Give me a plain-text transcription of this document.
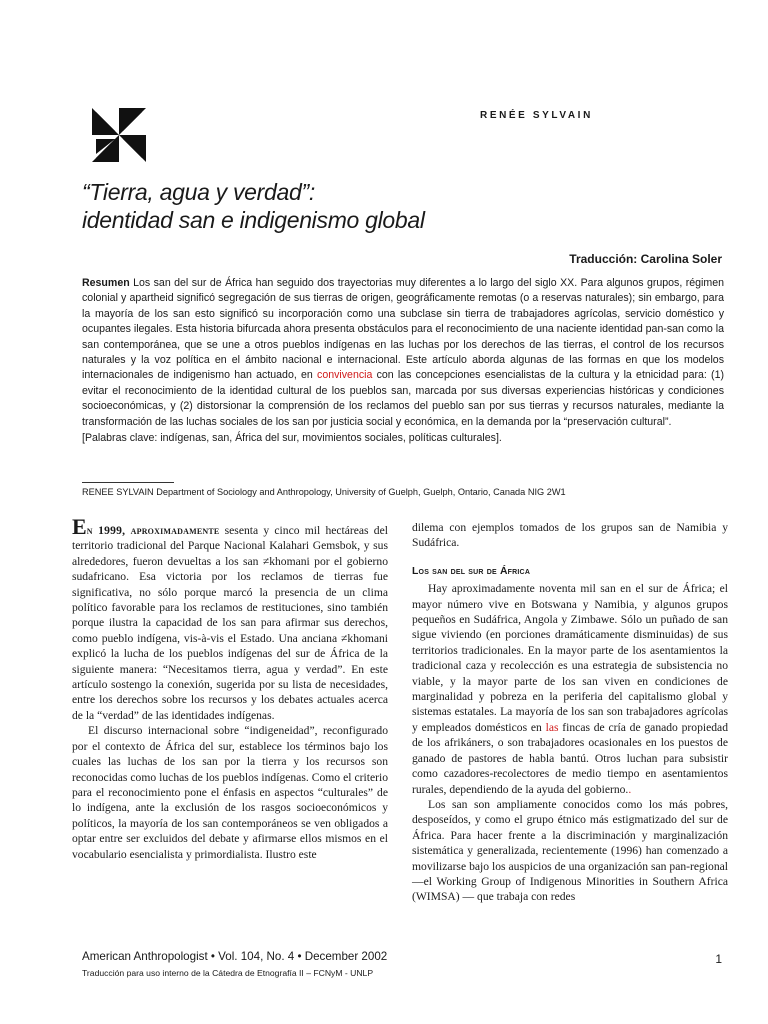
RENÉE SYLVAIN
“Tierra, agua y verdad”:
identidad san e indigenismo global
Traducción: Carolina Soler
Resumen Los san del sur de África han seguido dos trayectorias muy diferentes a lo largo del siglo XX. Para algunos grupos, régimen colonial y apartheid significó segregación de sus tierras de origen, geográficamente remotas (o a reservas naturales); sin embargo, para la mayoría de los san esto significó su incorporación como una subclase sin tierra de trabajadores agrícolas, servicio doméstico y ocupantes ilegales. Esta historia bifurcada ahora presenta obstáculos para el reconocimiento de una naciente identidad pan-san como la san contemporánea, que se une a otros pueblos indígenas en las luchas por los derechos de las tierras, el control de los recursos naturales y la voz política en el ámbito nacional e internacional. Este artículo aborda algunas de las formas en que los modelos internacionales de indigenismo han actuado, en convivencia con las concepciones esencialistas de la cultura y la etnicidad para: (1) evitar el reconocimiento de la identidad cultural de los pueblos san, marcada por sus diversas experiencias históricas y condiciones socioeconómicas, y (2) distorsionar la comprensión de los reclamos del pueblo san por sus tierras y recursos naturales, mediante la transformación de las luchas sociales de los san por justicia social y económica, en la demanda por la “preservación cultural”.
[Palabras clave: indígenas, san, África del sur, movimientos sociales, políticas culturales].
RENEE SYLVAIN Department of Sociology and Anthropology, University of Guelph, Guelph, Ontario, Canada NIG 2W1

En 1999, aproximadamente sesenta y cinco mil hectáreas del territorio tradicional del Parque Nacional Kalahari Gemsbok, y sus alrededores, fueron devueltas a los san ≠khomani por el gobierno sudafricano. Esa victoria por los reclamos de tierras fue significativa, no sólo porque marcó la presencia de un clima político favorable para los reclamos de restituciones, sino también porque ilustra la capacidad de los san para afirmar sus derechos, como pueblo indígena, vis-à-vis el Estado. Una anciana ≠khomani explicó la lucha de los pueblos indígenas del sur de África de la siguiente manera: “Necesitamos tierra, agua y verdad”. En este artículo sostengo la conexión, sugerida por su lista de necesidades, entre los derechos sobre los recursos y los debates actuales acerca de la “verdad” de las identidades indígenas.

El discurso internacional sobre “indigeneidad”, reconfigurado por el contexto de África del sur, establece los términos bajo los cuales las luchas de los san por la tierra y los recursos son reconocidas como luchas de los pueblos indígenas. Como el criterio para el reconocimiento pone el énfasis en aspectos “culturales” de lo indígena, ante la exclusión de los rasgos socioeconómicos y políticos, la mayoría de los san contemporáneos se ven obligados a optar entre ser excluidos del debate y afirmarse ellos mismos en el vocabulario esencialista y primordialista. Ilustro este

dilema con ejemplos tomados de los grupos san de Namibia y Sudáfrica.

Los san del sur de África

Hay aproximadamente noventa mil san en el sur de África; el mayor número vive en Botswana y Namibia, y algunos grupos pequeños en Sudáfrica, Angola y Zimbawe. Sólo un puñado de san sigue viviendo (en porciones dramáticamente disminuidas) de sus territorios tradicionales. En la mayor parte de los asentamientos la tradicional caza y recolección es una estrategia de subsistencia no viable, y la mayor parte de los san viven en condiciones de marginalidad y pobreza en la periferia del capitalismo global y sistemas estatales. La mayoría de los san son trabajadores agrícolas y empleados domésticos en las fincas de cría de ganado propiedad de los afrikáners, o son trabajadores ocasionales en los puestos de ganado de pastores de habla bantú. Otros luchan para subsistir como cazadores-recolectores de medio tiempo en asentamientos rurales, dependiendo de la ayuda del gobierno..

Los san son ampliamente conocidos como los más pobres, desposeídos, y como el grupo étnico más estigmatizado del sur de África. Para hacer frente a la discriminación y marginalización sistemática y generalizada, recientemente (1996) han comenzado a movilizarse bajo los auspicios de una organización san pan-regional—el Working Group of Indigenous Minorities in Southern Africa (WIMSA) — que trabaja con redes

American Anthropologist • Vol. 104, No. 4 • December 2002
Traducción para uso interno de la Cátedra de Etnografía II – FCNyM - UNLP
1
